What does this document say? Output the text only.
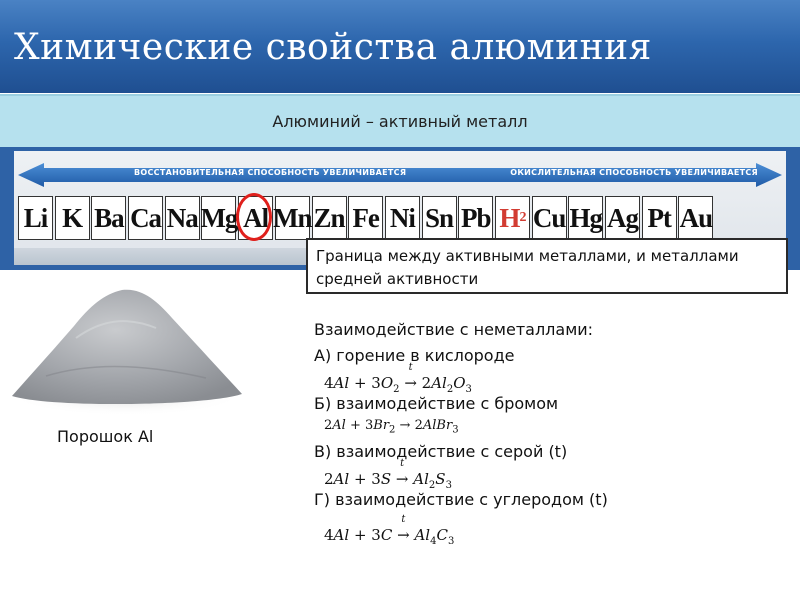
Химические свойства алюминия
Алюминий – активный металл
ВОССТАНОВИТЕЛЬНАЯ СПОСОБНОСТЬ УВЕЛИЧИВАЕТСЯ	ОКИСЛИТЕЛЬНАЯ СПОСОБНОСТЬ УВЕЛИЧИВАЕТСЯ
Li K Ba Ca Na Mg Al Mn Zn Fe Ni Sn Pb H 2 Cu Hg Ag Pt Au
Граница между активными металлами, и металлами средней активности
Порошок Al
Взаимодействие с неметаллами:
А) горение в кислороде
$4Al + 3O_2$ →
t
$2Al_2O_3$
Б) взаимодействие с бромом
$2Al + 3Br_2$ → 2AlBr$_3$
В) взаимодействие с серой (t)
2Al + 3S →
t
$Al_2S_3$
Г) взаимодействие с углеродом (t)
4Al + 3C →
t
$Al_4C_3$
